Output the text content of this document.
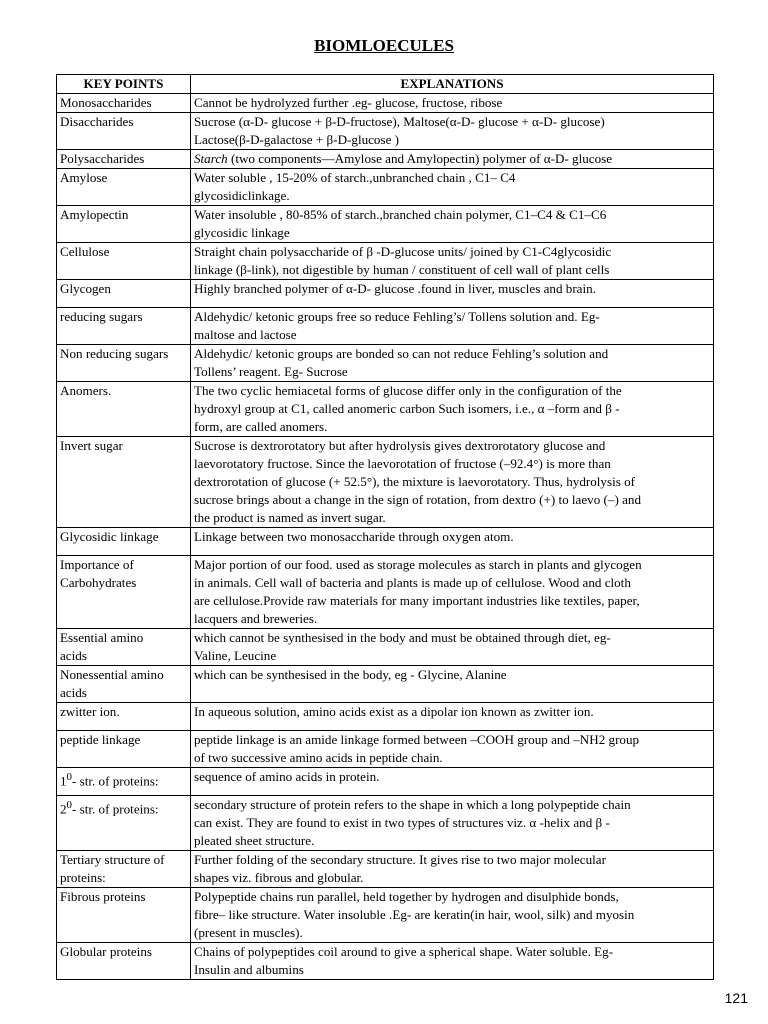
BIOMLOECULES
KEY POINTS	EXPLANATIONS
Monosaccharides	Cannot be hydrolyzed further .eg- glucose, fructose, ribose
Disaccharides	Sucrose (α-D- glucose + β-D-fructose), Maltose(α-D- glucose + α-D- glucose)
Lactose(β-D-galactose + β-D-glucose )
Polysaccharides	Starch (two components—Amylose and Amylopectin) polymer of α-D- glucose
Amylose	Water soluble , 15-20% of starch.,unbranched chain , C1– C4
glycosidiclinkage.
Amylopectin	Water insoluble , 80-85% of starch.,branched chain polymer, C1–C4 & C1–C6
glycosidic linkage
Cellulose	Straight chain polysaccharide of β -D-glucose units/ joined by C1-C4glycosidic
linkage (β-link), not digestible by human / constituent of cell wall of plant cells
Glycogen	Highly branched polymer of α-D- glucose .found in liver, muscles and brain.
reducing sugars	Aldehydic/ ketonic groups free so reduce Fehling’s/ Tollens solution and. Eg-
maltose and lactose
Non reducing sugars	Aldehydic/ ketonic groups are bonded so can not reduce Fehling’s solution and
Tollens’ reagent. Eg- Sucrose
Anomers.	The two cyclic hemiacetal forms of glucose differ only in the configuration of the
hydroxyl group at C1, called anomeric carbon Such isomers, i.e., α –form and β -
form, are called anomers.
Invert sugar	Sucrose is dextrorotatory but after hydrolysis gives dextrorotatory glucose and
laevorotatory fructose. Since the laevorotation of fructose (–92.4°) is more than
dextrorotation of glucose (+ 52.5°), the mixture is laevorotatory. Thus, hydrolysis of
sucrose brings about a change in the sign of rotation, from dextro (+) to laevo (–) and
the product is named as invert sugar.
Glycosidic linkage	Linkage between two monosaccharide through oxygen atom.
Importance of
Carbohydrates	Major portion of our food. used as storage molecules as starch in plants and glycogen
in animals. Cell wall of bacteria and plants is made up of cellulose. Wood and cloth
are cellulose.Provide raw materials for many important industries like textiles, paper,
lacquers and breweries.
Essential amino
acids	which cannot be synthesised in the body and must be obtained through diet, eg-
Valine, Leucine
Nonessential amino
acids	which can be synthesised in the body, eg - Glycine, Alanine
zwitter ion.	In aqueous solution, amino acids exist as a dipolar ion known as zwitter ion.
peptide linkage	peptide linkage is an amide linkage formed between –COOH group and –NH2 group
of two successive amino acids in peptide chain.
$1^0-$ str. of proteins:	sequence of amino acids in protein.
$2^0-$ str. of proteins:	secondary structure of protein refers to the shape in which a long polypeptide chain
can exist. They are found to exist in two types of structures viz. α -helix and β -
pleated sheet structure.
Tertiary structure of
proteins:	Further folding of the secondary structure. It gives rise to two major molecular
shapes viz. fibrous and globular.
Fibrous proteins	Polypeptide chains run parallel, held together by hydrogen and disulphide bonds,
fibre– like structure. Water insoluble .Eg- are keratin(in hair, wool, silk) and myosin
(present in muscles).
Globular proteins	Chains of polypeptides coil around to give a spherical shape. Water soluble. Eg-
Insulin and albumins
121
